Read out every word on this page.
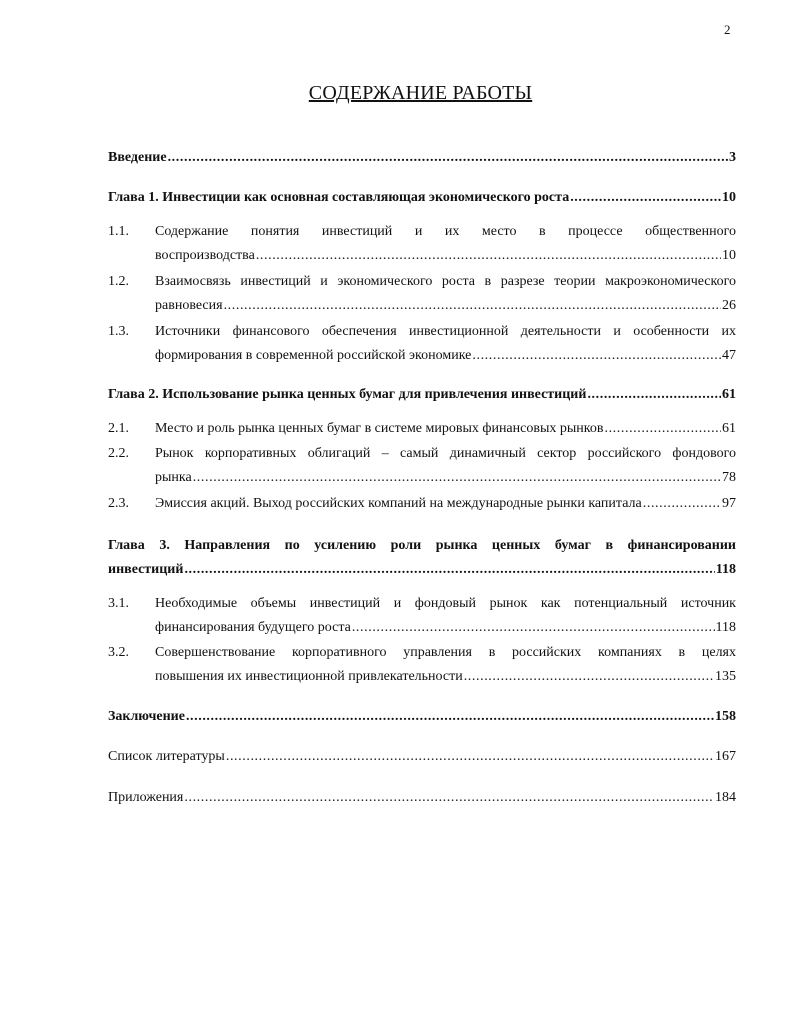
2
СОДЕРЖАНИЕ РАБОТЫ
Введение .....	3
Глава 1. Инвестиции как основная составляющая экономического роста .....	10
1.1.	Содержание понятия инвестиций и их место в процессе общественного
воспроизводства .....	10
1.2.	Взаимосвязь инвестиций и экономического роста в разрезе теории макроэкономического
равновесия .....	26
1.3.	Источники финансового обеспечения инвестиционной деятельности и особенности их
формирования в современной российской экономике .....	47
Глава 2. Использование рынка ценных бумаг для привлечения инвестиций .....	61
2.1.	Место и роль рынка ценных бумаг в системе мировых финансовых рынков .....	61
2.2.	Рынок корпоративных облигаций – самый динамичный сектор российского фондового
рынка .....	78
2.3.	Эмиссия акций. Выход российских компаний на международные рынки капитала .....	97
Глава 3. Направления по усилению роли рынка ценных бумаг в финансировании
инвестиций .....	118
3.1.	Необходимые объемы инвестиций и фондовый рынок как потенциальный источник
финансирования будущего роста .....	118
3.2.	Совершенствование корпоративного управления в российских компаниях в целях
повышения их инвестиционной привлекательности .....	135
Заключение .....	158
Список литературы .....	167
Приложения .....	184
